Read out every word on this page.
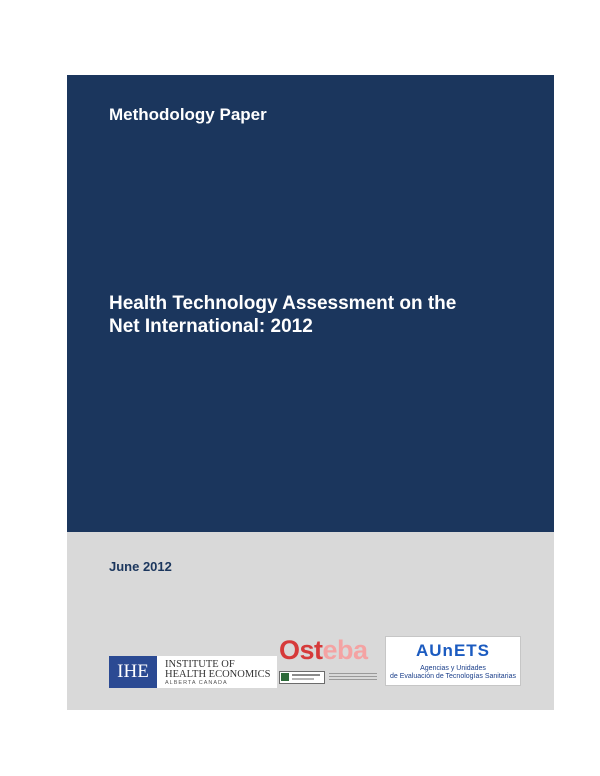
Methodology Paper
Health Technology Assessment on the
Net International: 2012
June 2012
IHE	INSTITUTE OF
HEALTH ECONOMICS
ALBERTA CANADA
Osteba	AUnETS
Agencias y Unidades
de Evaluación de Tecnologías Sanitarias
